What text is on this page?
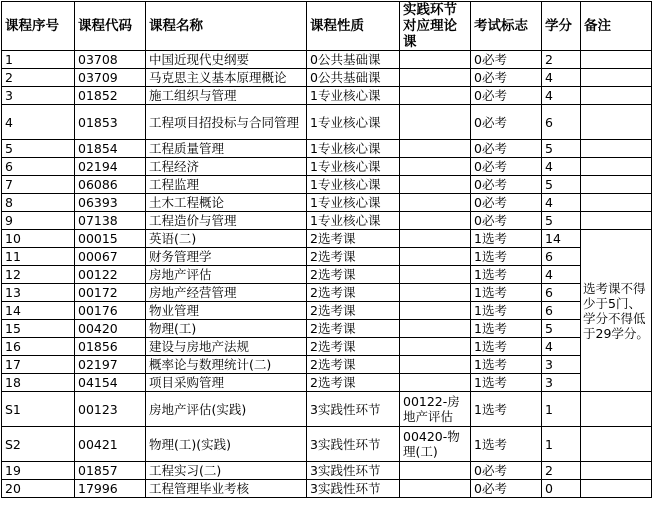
课程序号	课程代码	课程名称	课程性质	实践环节对应理论课	考试标志	学分	备注
1	03708	中国近现代史纲要	0公共基础课		0必考	2	
2	03709	马克思主义基本原理概论	0公共基础课		0必考	4	
3	01852	施工组织与管理	1专业核心课		0必考	4	
4	01853	工程项目招投标与合同管理	1专业核心课		0必考	6	
5	01854	工程质量管理	1专业核心课		0必考	5	
6	02194	工程经济	1专业核心课		0必考	4	
7	06086	工程监理	1专业核心课		0必考	5	
8	06393	土木工程概论	1专业核心课		0必考	4	
9	07138	工程造价与管理	1专业核心课		0必考	5	
10	00015	英语(二)	2选考课		1选考	14	选考课不得少于5门、学分不得低于29学分。
11	00067	财务管理学	2选考课		1选考	6	
12	00122	房地产评估	2选考课		1选考	4	
13	00172	房地产经营管理	2选考课		1选考	6	
14	00176	物业管理	2选考课		1选考	6	
15	00420	物理(工)	2选考课		1选考	5	
16	01856	建设与房地产法规	2选考课		1选考	4	
17	02197	概率论与数理统计(二)	2选考课		1选考	3	
18	04154	项目采购管理	2选考课		1选考	3	
S1	00123	房地产评估(实践)	3实践性环节	00122-房地产评估	1选考	1	
S2	00421	物理(工)(实践)	3实践性环节	00420-物理(工)	1选考	1	
19	01857	工程实习(二)	3实践性环节		0必考	2	
20	17996	工程管理毕业考核	3实践性环节		0必考	0	
